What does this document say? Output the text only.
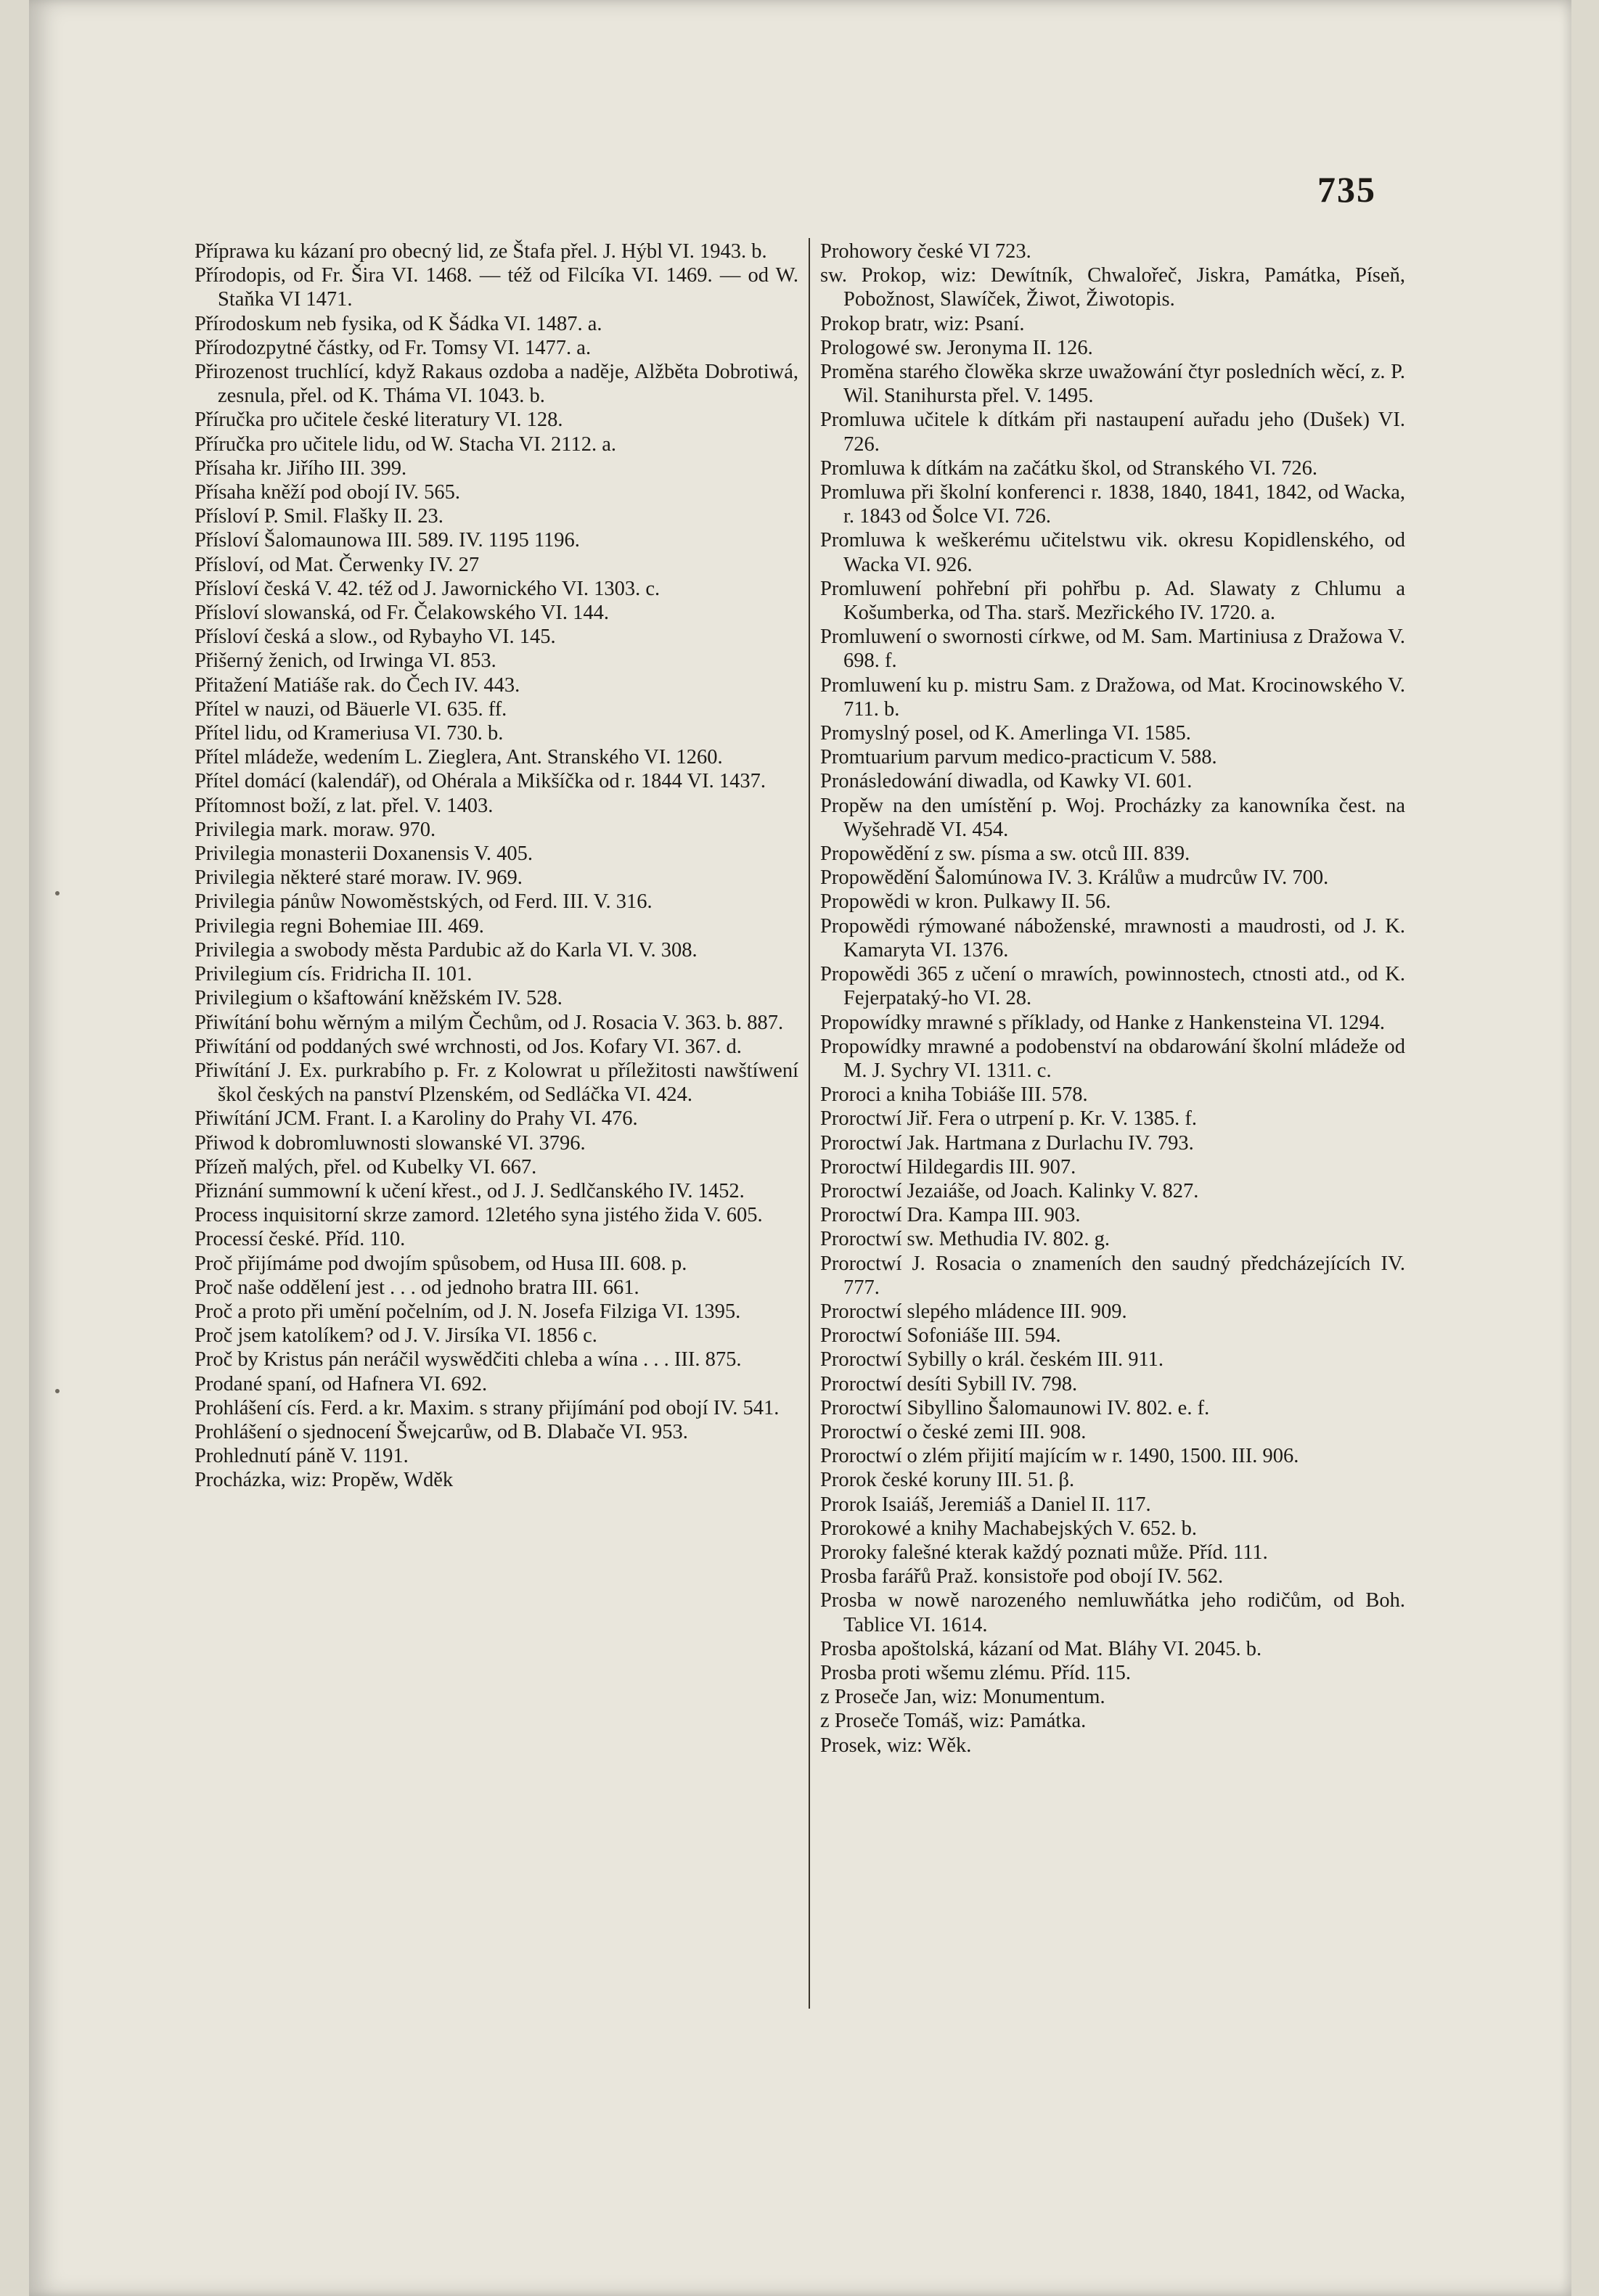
735

Příprawa ku kázaní pro obecný lid, ze Štafa přel. J. Hýbl VI. 1943. b.

Přírodopis, od Fr. Šira VI. 1468. — též od Filcíka VI. 1469. — od W. Staňka VI 1471.

Přírodoskum neb fysika, od K Šádka VI. 1487. a.

Přírodozpytné částky, od Fr. Tomsy VI. 1477. a.

Přirozenost truchlící, když Rakaus ozdoba a naděje, Alžběta Dobrotiwá, zesnula, přel. od K. Tháma VI. 1043. b.

Příručka pro učitele české literatury VI. 128.

Příručka pro učitele lidu, od W. Stacha VI. 2112. a.

Přísaha kr. Jiřího III. 399.

Přísaha kněží pod obojí IV. 565.

Přísloví P. Smil. Flašky II. 23.

Přísloví Šalomaunowa III. 589. IV. 1195 1196.

Přísloví, od Mat. Čerwenky IV. 27

Přísloví česká V. 42. též od J. Jawornického VI. 1303. c.

Přísloví slowanská, od Fr. Čelakowského VI. 144.

Přísloví česká a slow., od Rybayho VI. 145.

Přišerný ženich, od Irwinga VI. 853.

Přitažení Matiáše rak. do Čech IV. 443.

Přítel w nauzi, od Bäuerle VI. 635. ff.

Přítel lidu, od Krameriusa VI. 730. b.

Přítel mládeže, wedením L. Zieglera, Ant. Stranského VI. 1260.

Přítel domácí (kalendář), od Ohérala a Mikšíčka od r. 1844 VI. 1437.

Přítomnost boží, z lat. přel. V. 1403.

Privilegia mark. moraw. 970.

Privilegia monasterii Doxanensis V. 405.

Privilegia některé staré moraw. IV. 969.

Privilegia pánůw Nowoměstských, od Ferd. III. V. 316.

Privilegia regni Bohemiae III. 469.

Privilegia a swobody města Pardubic až do Karla VI. V. 308.

Privilegium cís. Fridricha II. 101.

Privilegium o kšaftowání kněžském IV. 528.

Přiwítání bohu wěrným a milým Čechům, od J. Rosacia V. 363. b. 887.

Přiwítání od poddaných swé wrchnosti, od Jos. Kofary VI. 367. d.

Přiwítání J. Ex. purkrabího p. Fr. z Kolowrat u příležitosti nawštíwení škol českých na panství Plzenském, od Sedláčka VI. 424.

Přiwítání JCM. Frant. I. a Karoliny do Prahy VI. 476.

Přiwod k dobromluwnosti slowanské VI. 3796.

Přízeň malých, přel. od Kubelky VI. 667.

Přiznání summowní k učení křest., od J. J. Sedlčanského IV. 1452.

Process inquisitorní skrze zamord. 12letého syna jistého žida V. 605.

Processí české. Příd. 110.

Proč přijímáme pod dwojím spůsobem, od Husa III. 608. p.

Proč naše oddělení jest . . . od jednoho bratra III. 661.

Proč a proto při umění počelním, od J. N. Josefa Filziga VI. 1395.

Proč jsem katolíkem? od J. V. Jirsíka VI. 1856 c.

Proč by Kristus pán neráčil wyswědčiti chleba a wína . . . III. 875.

Prodané spaní, od Hafnera VI. 692.

Prohlášení cís. Ferd. a kr. Maxim. s strany přijímání pod obojí IV. 541.

Prohlášení o sjednocení Šwejcarůw, od B. Dlabače VI. 953.

Prohlednutí páně V. 1191.

Procházka, wiz: Propěw, Wděk

Prohowory české VI 723.

sw. Prokop, wiz: Dewítník, Chwalořeč, Jiskra, Památka, Píseň, Pobožnost, Slawíček, Žiwot, Žiwotopis.

Prokop bratr, wiz: Psaní.

Prologowé sw. Jeronyma II. 126.

Proměna starého člowěka skrze uwažowání čtyr posledních wěcí, z. P. Wil. Stanihursta přel. V. 1495.

Promluwa učitele k dítkám při nastaupení auřadu jeho (Dušek) VI. 726.

Promluwa k dítkám na začátku škol, od Stranského VI. 726.

Promluwa při školní konferenci r. 1838, 1840, 1841, 1842, od Wacka, r. 1843 od Šolce VI. 726.

Promluwa k weškerému učitelstwu vik. okresu Kopidlenského, od Wacka VI. 926.

Promluwení pohřební při pohřbu p. Ad. Slawaty z Chlumu a Košumberka, od Tha. starš. Mezřického IV. 1720. a.

Promluwení o swornosti církwe, od M. Sam. Martiniusa z Dražowa V. 698. f.

Promluwení ku p. mistru Sam. z Dražowa, od Mat. Krocinowského V. 711. b.

Promyslný posel, od K. Amerlinga VI. 1585.

Promtuarium parvum medico-practicum V. 588.

Pronásledowání diwadla, od Kawky VI. 601.

Propěw na den umístění p. Woj. Procházky za kanowníka čest. na Wyšehradě VI. 454.

Propowědění z sw. písma a sw. otců III. 839.

Propowědění Šalomúnowa IV. 3. Králůw a mudrcůw IV. 700.

Propowědi w kron. Pulkawy II. 56.

Propowědi rýmowané náboženské, mrawnosti a maudrosti, od J. K. Kamaryta VI. 1376.

Propowědi 365 z učení o mrawích, powinnostech, ctnosti atd., od K. Fejerpataký-ho VI. 28.

Propowídky mrawné s příklady, od Hanke z Hankensteina VI. 1294.

Propowídky mrawné a podobenství na obdarowání školní mládeže od M. J. Sychry VI. 1311. c.

Proroci a kniha Tobiáše III. 578.

Proroctwí Jiř. Fera o utrpení p. Kr. V. 1385. f.

Proroctwí Jak. Hartmana z Durlachu IV. 793.

Proroctwí Hildegardis III. 907.

Proroctwí Jezaiáše, od Joach. Kalinky V. 827.

Proroctwí Dra. Kampa III. 903.

Proroctwí sw. Methudia IV. 802. g.

Proroctwí J. Rosacia o znameních den saudný předcházejících IV. 777.

Proroctwí slepého mládence III. 909.

Proroctwí Sofoniáše III. 594.

Proroctwí Sybilly o král. českém III. 911.

Proroctwí desíti Sybill IV. 798.

Proroctwí Sibyllino Šalomaunowi IV. 802. e. f.

Proroctwí o české zemi III. 908.

Proroctwí o zlém přijití majícím w r. 1490, 1500. III. 906.

Prorok české koruny III. 51. β.

Prorok Isaiáš, Jeremiáš a Daniel II. 117.

Prorokowé a knihy Machabejských V. 652. b.

Proroky falešné kterak každý poznati může. Příd. 111.

Prosba farářů Praž. konsistoře pod obojí IV. 562.

Prosba w nowě narozeného nemluwňátka jeho rodičům, od Boh. Tablice VI. 1614.

Prosba apoštolská, kázaní od Mat. Bláhy VI. 2045. b.

Prosba proti wšemu zlému. Příd. 115.

z Proseče Jan, wiz: Monumentum.

z Proseče Tomáš, wiz: Památka.

Prosek, wiz: Wěk.
